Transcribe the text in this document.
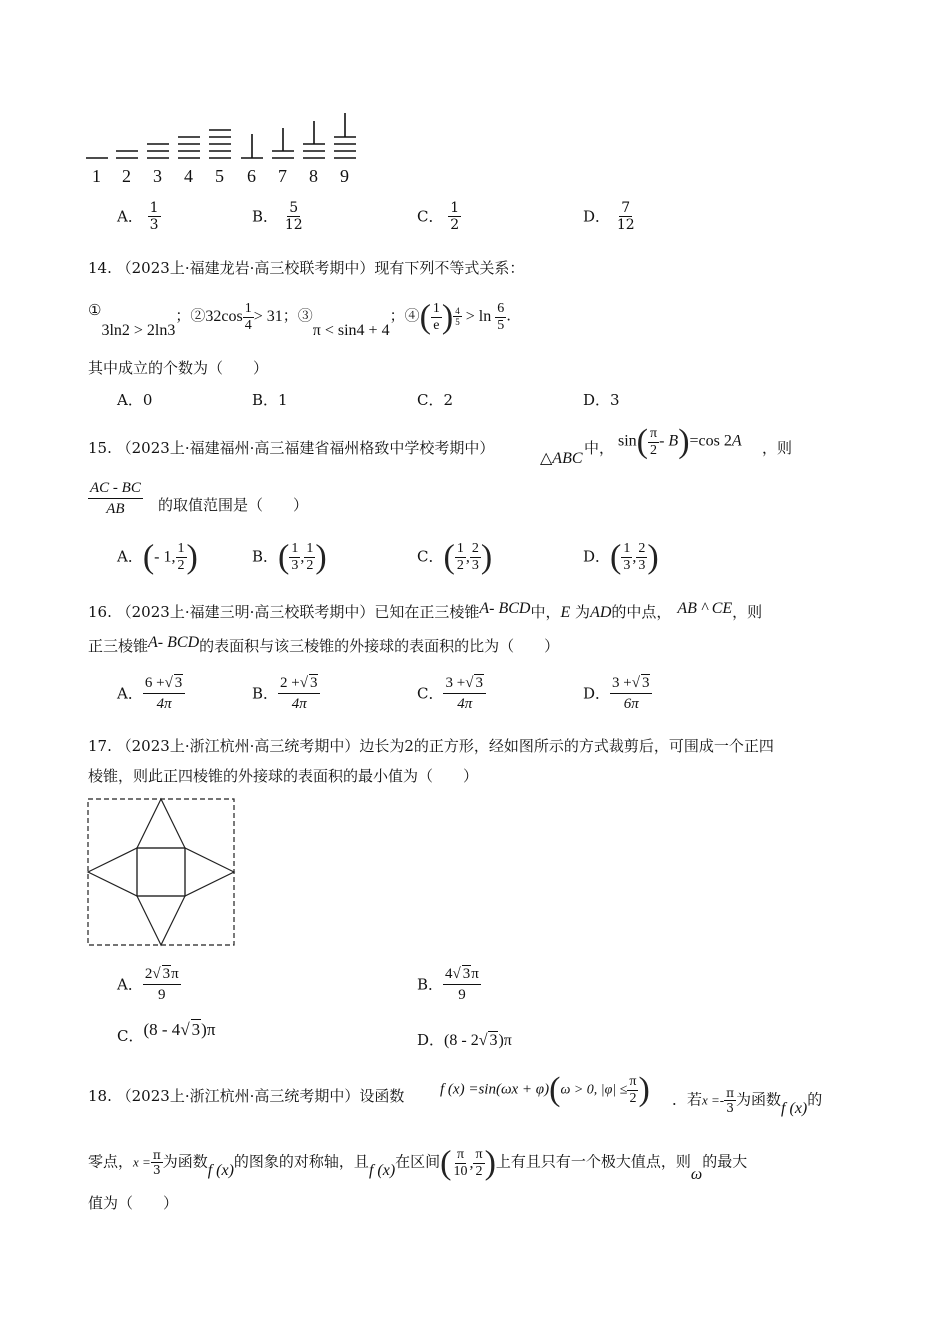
1 2 3 4 5 6 7 8 9
A． $\frac{1}{3}$	B． $\frac{5}{12}$	C． $\frac{1}{2}$	D． $\frac{7}{12}$
14. （2023上·福建龙岩·高三校联考期中）现有下列不等式关系：
①3ln2 > 2ln3；②32cos $\frac{1}{4} > 31$；③π < sin4 + 4；④( $\frac{1}{e}$ ) $\frac{4}{5} > \ln \frac{6}{5}$ .
其中成立的个数为（　　）
A．0	B．1	C．2	D．3
15. （2023上·福建福州·高三福建省福州格致中学校考期中）
△ABC
中， $\sin( \frac{\pi}{2} - B)=\cos$ 2A ，则
$\frac{AC - BC}{AB}$ 的取值范围是（　　）
A．(- 1, $\frac{1}{2}$ )	B．( $\frac{1}{3}$ , $\frac{1}{2}$ )	C．( $\frac{1}{2}$ , $\frac{2}{3}$ )	D．( $\frac{1}{3}$ , $\frac{2}{3}$ )
16. （2023上·福建三明·高三校联考期中）已知在正三棱锥A- BCD中，E 为AD的中点， AB ^ CE，则
正三棱锥A- BCD的表面积与该三棱锥的外接球的表面积的比为（　　）
A． $\frac{6 +√ 3}{4\pi}$	B． $\frac{2 +√ 3}{4\pi}$	C． $\frac{3 +√ 3}{4\pi}$	D． $\frac{3 +√ 3}{6\pi}$
17. （2023上·浙江杭州·高三统考期中）边长为2的正方形，经如图所示的方式裁剪后，可围成一个正四
棱锥，则此正四棱锥的外接球的表面积的最小值为（　　）
A． $\frac{2√ 3\pi}{9}$	B． $\frac{4√ 3\pi}{9}$
C．(8 - 4√ 3)π
D．(8 - 2√ 3)π
18. （2023上·浙江杭州·高三统考期中）设函数 f (x) =sin(ωx + φ)(ω > 0, $|\varphi| \le \frac{\pi}{2}$ ) ．若$x =- \frac{\pi}{3}$ 为函数f (x)的
零点，$x = \frac{\pi}{3}$ 为函数f (x)的图象的对称轴，且f (x)在区间( $\frac{\pi}{10}$ , $\frac{\pi}{2}$ )上有且只有一个极大值点，则ω的最大
值为（　　）
